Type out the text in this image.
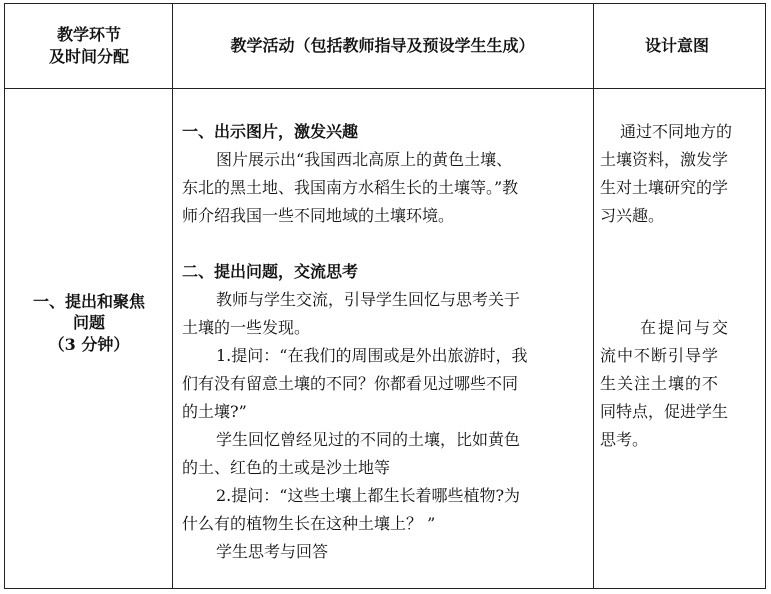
教学环节
及时间分配
教学活动（包括教师指导及预设学生生成）	设计意图
一、提出和聚焦
问题
（3 分钟）
一、出示图片，激发兴趣
图片展示出“我国西北高原上的黄色土壤、
东北的黑土地、我国南方水稻生长的土壤等。”教
师介绍我国一些不同地域的土壤环境。
二、提出问题，交流思考
教师与学生交流，引导学生回忆与思考关于
土壤的一些发现。
1.提问：“在我们的周围或是外出旅游时，我
们有没有留意土壤的不同？你都看见过哪些不同
的土壤?”
学生回忆曾经见过的不同的土壤，比如黄色
的土、红色的土或是沙土地等
2.提问：“这些土壤上都生长着哪些植物?为
什么有的植物生长在这种土壤上？ ”
学生思考与回答
通过不同地方的
土壤资料，激发学
生对土壤研究的学
习兴趣。
在提问与交
流中不断引导学
生关注土壤的不
同特点，促进学生
思考。
